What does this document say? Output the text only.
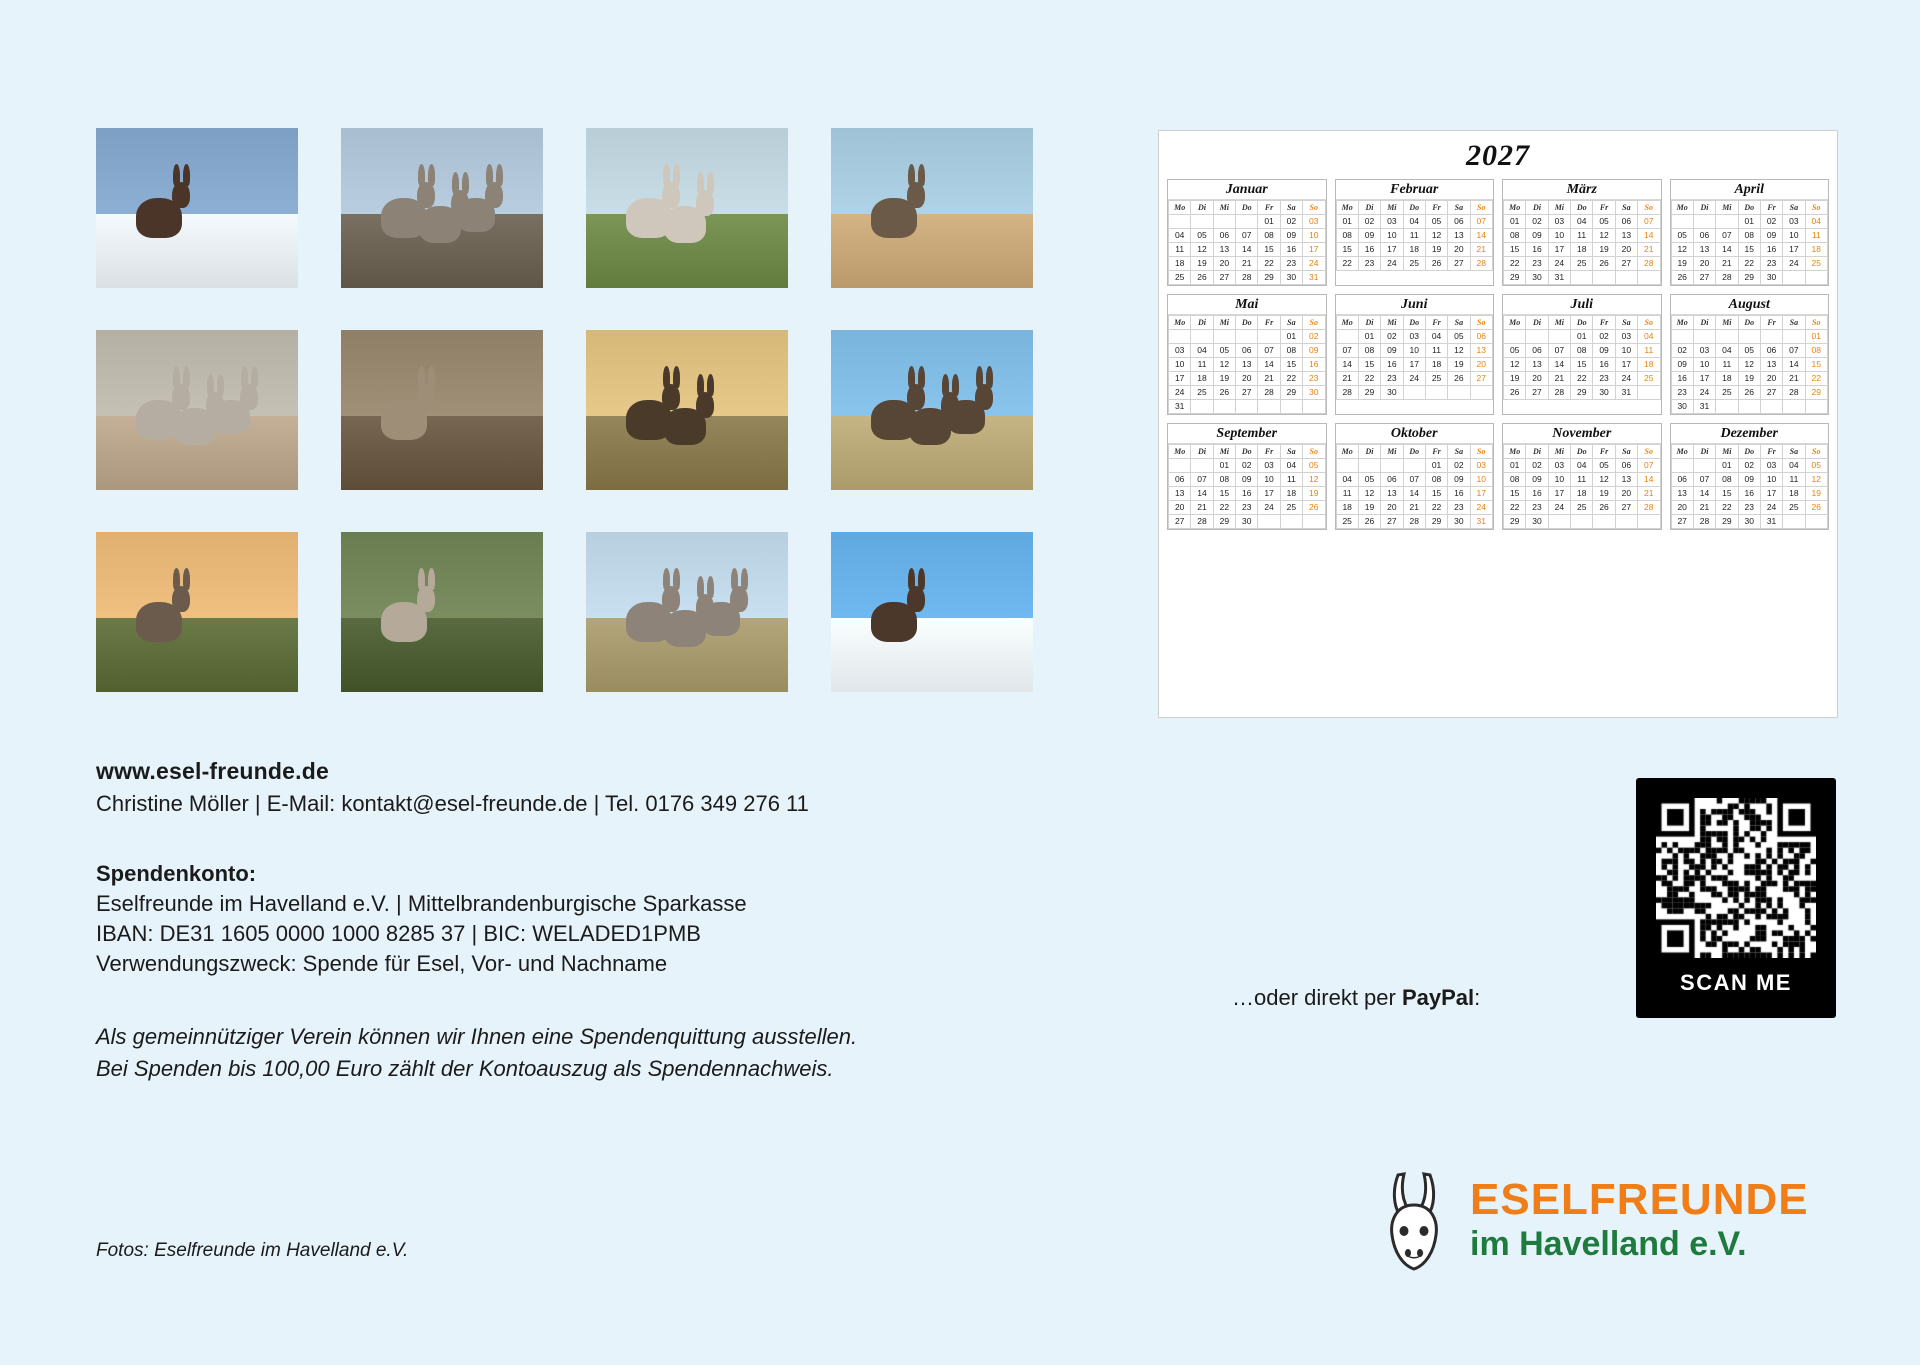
2027
Januar
Mo	Di	Mi	Do	Fr	Sa	So
				01	02	03
04	05	06	07	08	09	10
11	12	13	14	15	16	17
18	19	20	21	22	23	24
25	26	27	28	29	30	31
Februar
Mo	Di	Mi	Do	Fr	Sa	So
01	02	03	04	05	06	07
08	09	10	11	12	13	14
15	16	17	18	19	20	21
22	23	24	25	26	27	28
März
Mo	Di	Mi	Do	Fr	Sa	So
01	02	03	04	05	06	07
08	09	10	11	12	13	14
15	16	17	18	19	20	21
22	23	24	25	26	27	28
29	30	31				
April
Mo	Di	Mi	Do	Fr	Sa	So
			01	02	03	04
05	06	07	08	09	10	11
12	13	14	15	16	17	18
19	20	21	22	23	24	25
26	27	28	29	30		
Mai
Mo	Di	Mi	Do	Fr	Sa	So
					01	02
03	04	05	06	07	08	09
10	11	12	13	14	15	16
17	18	19	20	21	22	23
24	25	26	27	28	29	30
31						
Juni
Mo	Di	Mi	Do	Fr	Sa	So
	01	02	03	04	05	06
07	08	09	10	11	12	13
14	15	16	17	18	19	20
21	22	23	24	25	26	27
28	29	30				
Juli
Mo	Di	Mi	Do	Fr	Sa	So
			01	02	03	04
05	06	07	08	09	10	11
12	13	14	15	16	17	18
19	20	21	22	23	24	25
26	27	28	29	30	31	
August
Mo	Di	Mi	Do	Fr	Sa	So
						01
02	03	04	05	06	07	08
09	10	11	12	13	14	15
16	17	18	19	20	21	22
23	24	25	26	27	28	29
30	31					
September
Mo	Di	Mi	Do	Fr	Sa	So
		01	02	03	04	05
06	07	08	09	10	11	12
13	14	15	16	17	18	19
20	21	22	23	24	25	26
27	28	29	30			
Oktober
Mo	Di	Mi	Do	Fr	Sa	So
				01	02	03
04	05	06	07	08	09	10
11	12	13	14	15	16	17
18	19	20	21	22	23	24
25	26	27	28	29	30	31
November
Mo	Di	Mi	Do	Fr	Sa	So
01	02	03	04	05	06	07
08	09	10	11	12	13	14
15	16	17	18	19	20	21
22	23	24	25	26	27	28
29	30					
Dezember
Mo	Di	Mi	Do	Fr	Sa	So
		01	02	03	04	05
06	07	08	09	10	11	12
13	14	15	16	17	18	19
20	21	22	23	24	25	26
27	28	29	30	31		
www.esel-freunde.de
Christine Möller | E-Mail: kontakt@esel-freunde.de | Tel. 0176 349 276 11
Spendenkonto:
Eselfreunde im Havelland e.V. | Mittelbrandenburgische Sparkasse
IBAN: DE31 1605 0000 1000 8285 37 | BIC: WELADED1PMB
Verwendungszweck: Spende für Esel, Vor- und Nachname
Als gemeinnütziger Verein können wir Ihnen eine Spendenquittung ausstellen.
Bei Spenden bis 100,00 Euro zählt der Kontoauszug als Spendennachweis.
Fotos: Eselfreunde im Havelland e.V.
…oder direkt per PayPal:
SCAN ME
ESELFREUNDE
im Havelland e.V.
